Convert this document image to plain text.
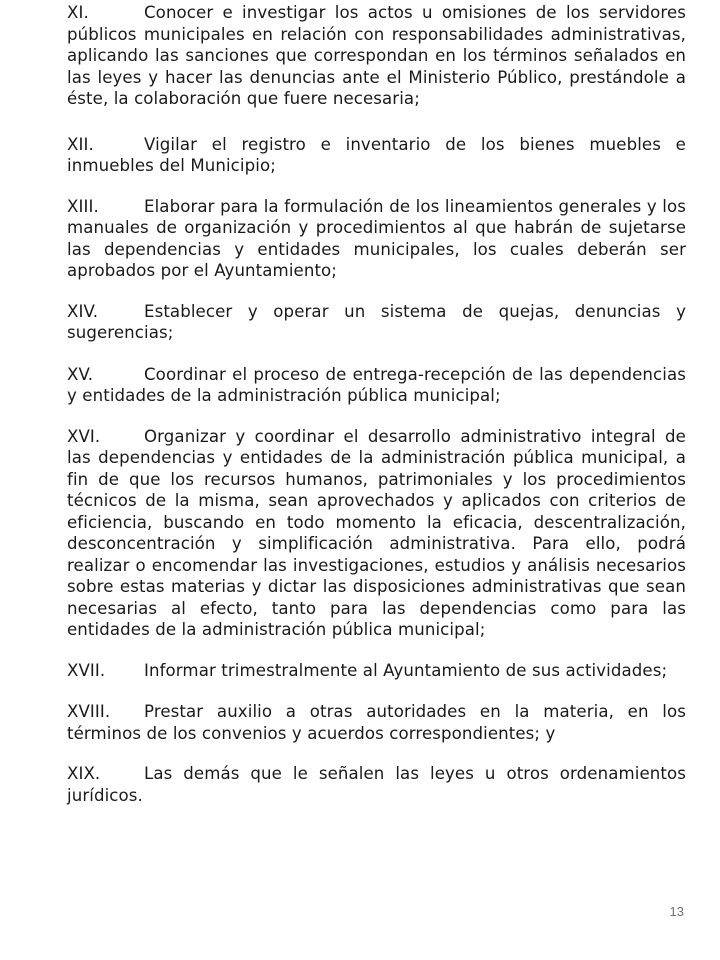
XI.	Conocer e investigar los actos u omisiones de los servidores públicos municipales en relación con responsabilidades administrativas, aplicando las sanciones que correspondan en los términos señalados en las leyes y hacer las denuncias ante el Ministerio Público, prestándole a éste, la colaboración que fuere necesaria;

XII.	Vigilar el registro e inventario de los bienes muebles e inmuebles del Municipio;

XIII.	Elaborar para la formulación de los lineamientos generales y los manuales de organización y procedimientos al que habrán de sujetarse las dependencias y entidades municipales, los cuales deberán ser aprobados por el Ayuntamiento;

XIV.	Establecer y operar un sistema de quejas, denuncias y sugerencias;

XV.	Coordinar el proceso de entrega-recepción de las dependencias y entidades de la administración pública municipal;

XVI.	Organizar y coordinar el desarrollo administrativo integral de las dependencias y entidades de la administración pública municipal, a fin de que los recursos humanos, patrimoniales y los procedimientos técnicos de la misma, sean aprovechados y aplicados con criterios de eficiencia, buscando en todo momento la eficacia, descentralización, desconcentración y simplificación administrativa. Para ello, podrá realizar o encomendar las investigaciones, estudios y análisis necesarios sobre estas materias y dictar las disposiciones administrativas que sean necesarias al efecto, tanto para las dependencias como para las entidades de la administración pública municipal;

XVII. Informar trimestralmente al Ayuntamiento de sus actividades;

XVIII. Prestar auxilio a otras autoridades en la materia, en los términos de los convenios y acuerdos correspondientes; y

XIX.	Las demás que le señalen las leyes u otros ordenamientos jurídicos.

13
